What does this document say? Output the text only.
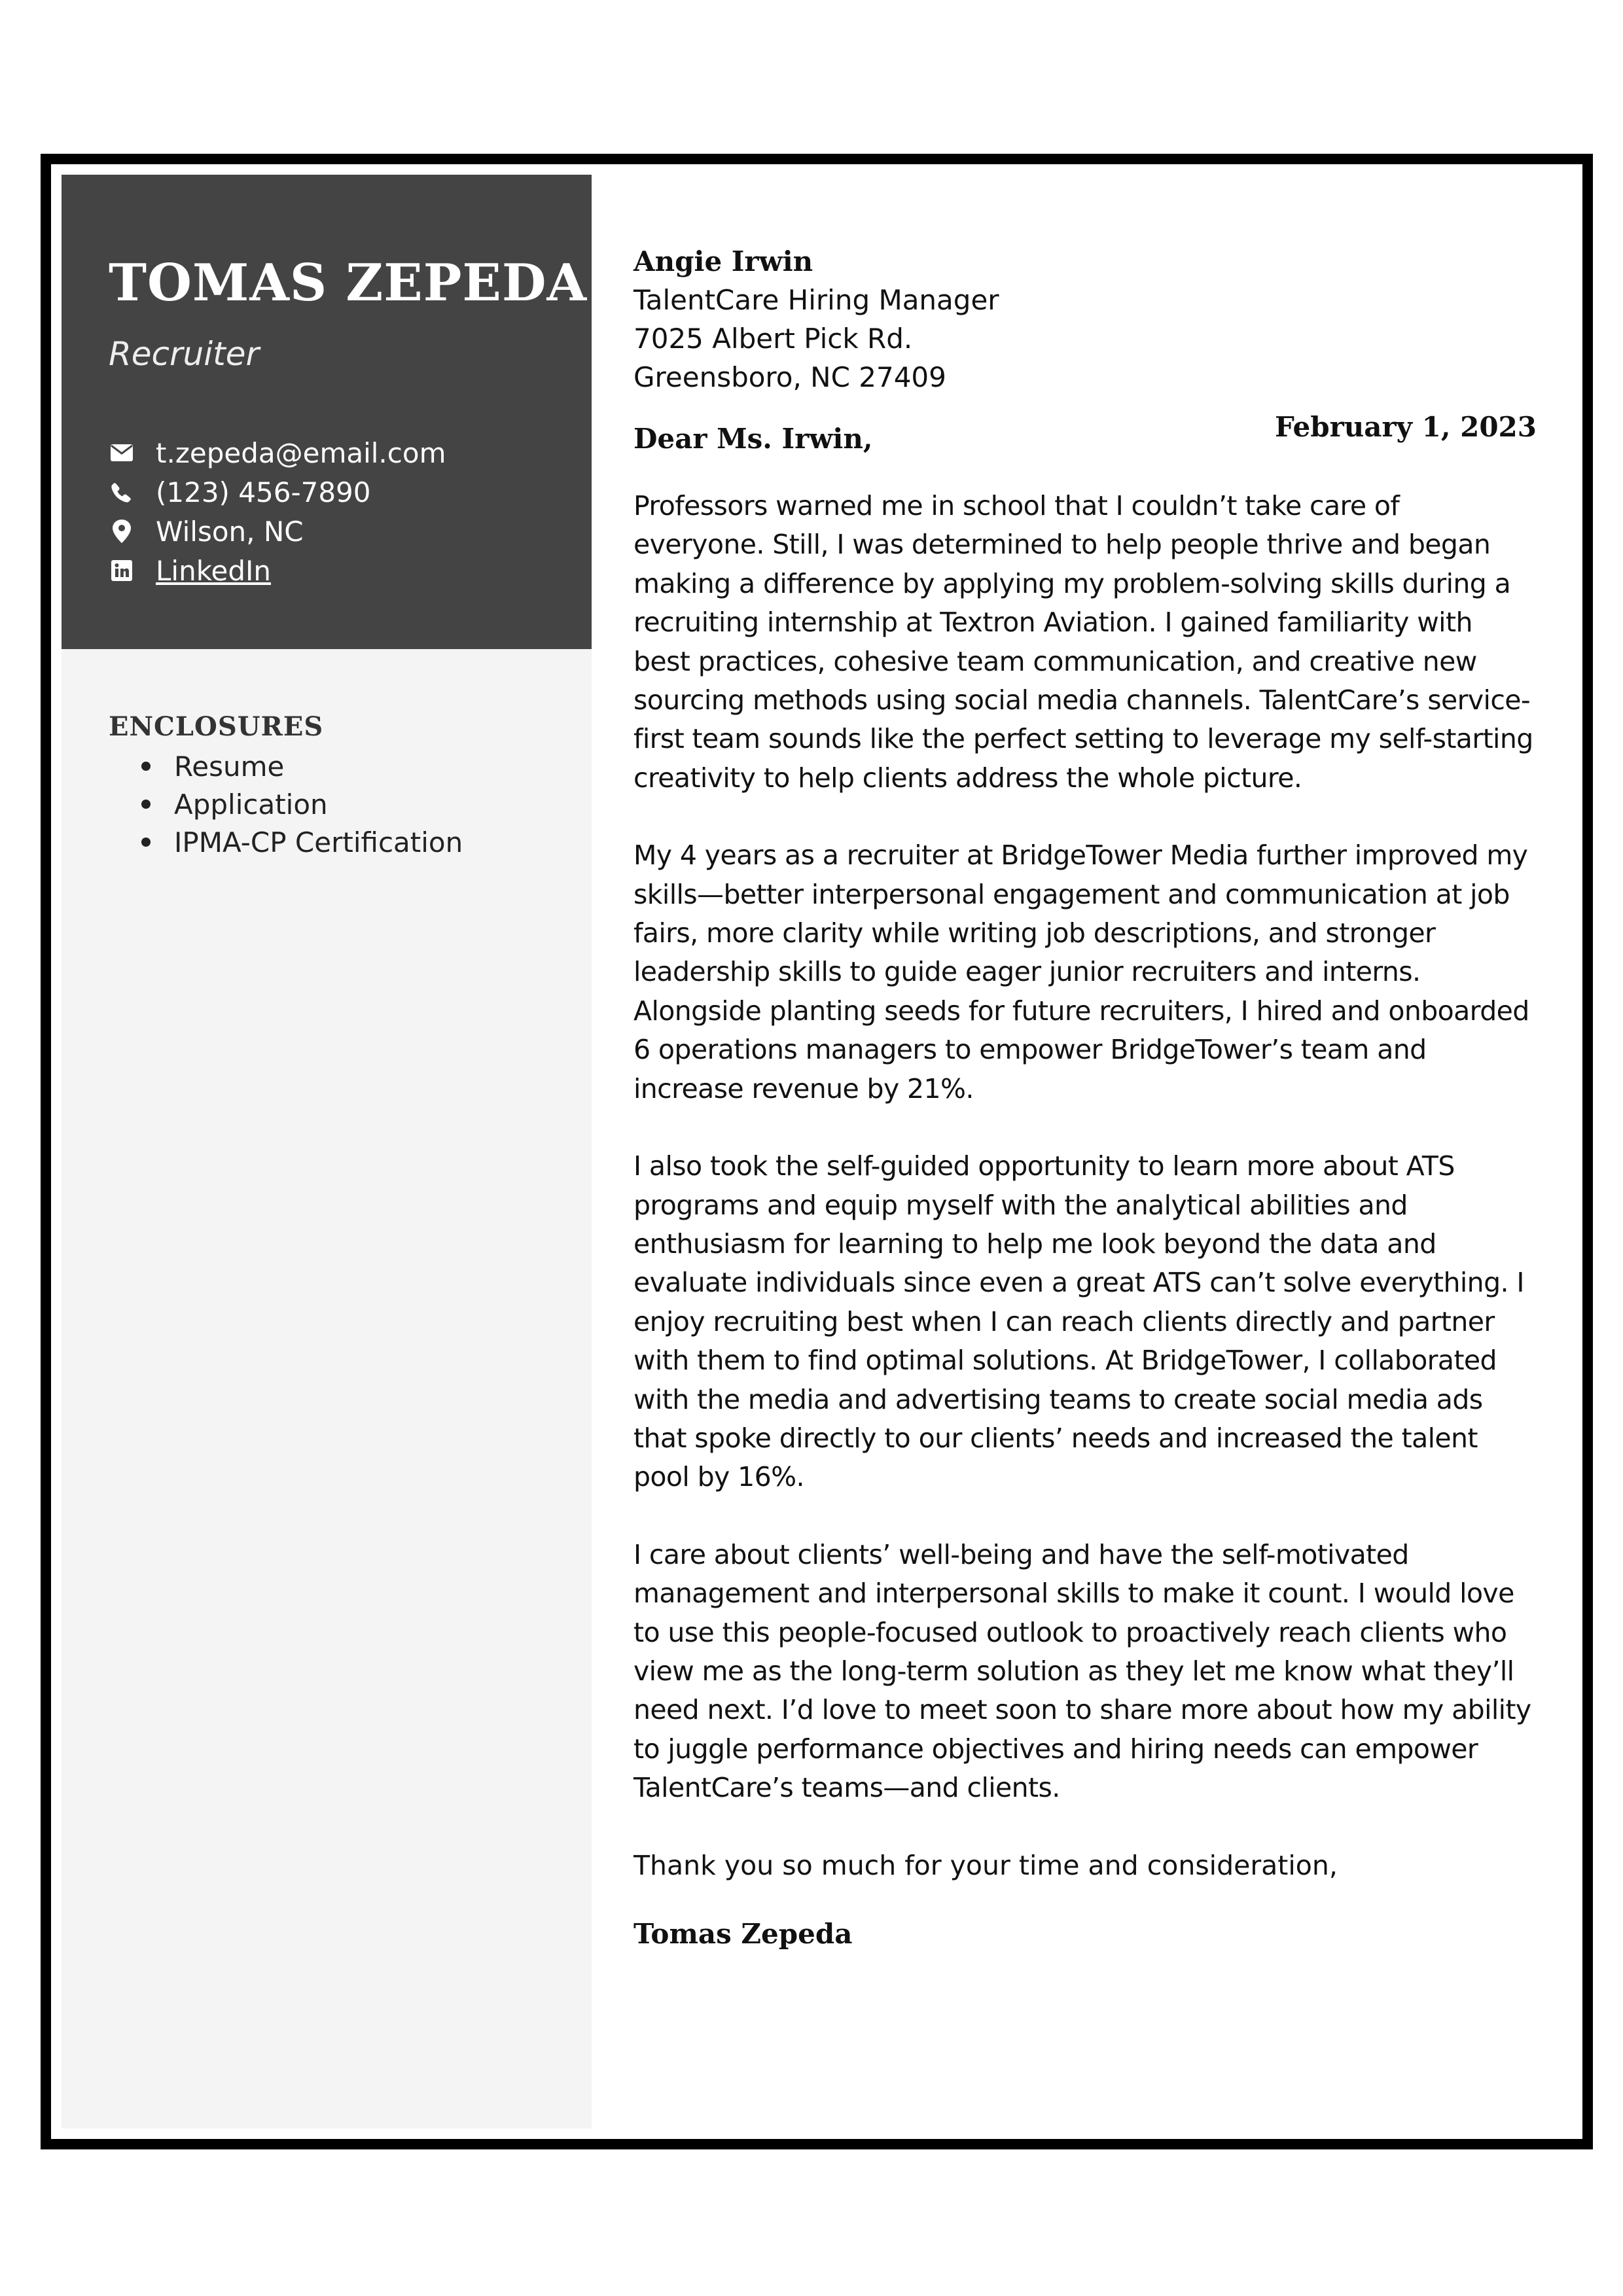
TOMAS ZEPEDA
Recruiter
t.zepeda@email.com
(123) 456-7890
Wilson, NC
LinkedIn
ENCLOSURES
Resume
Application
IPMA-CP Certification
Angie Irwin
TalentCare Hiring Manager
7025 Albert Pick Rd.
Greensboro, NC 27409
Dear Ms. Irwin,	February 1, 2023

Professors warned me in school that I couldn’t take care of everyone. Still, I was determined to help people thrive and began making a difference by applying my problem-solving skills during a recruiting internship at Textron Aviation. I gained familiarity with best practices, cohesive team communication, and creative new sourcing methods using social media channels. TalentCare’s service-first team sounds like the perfect setting to leverage my self-starting creativity to help clients address the whole picture.

My 4 years as a recruiter at BridgeTower Media further improved my skills—better interpersonal engagement and communication at job fairs, more clarity while writing job descriptions, and stronger leadership skills to guide eager junior recruiters and interns. Alongside planting seeds for future recruiters, I hired and onboarded 6 operations managers to empower BridgeTower’s team and increase revenue by 21%.

I also took the self-guided opportunity to learn more about ATS programs and equip myself with the analytical abilities and enthusiasm for learning to help me look beyond the data and evaluate individuals since even a great ATS can’t solve everything. I enjoy recruiting best when I can reach clients directly and partner with them to find optimal solutions. At BridgeTower, I collaborated with the media and advertising teams to create social media ads that spoke directly to our clients’ needs and increased the talent pool by 16%.

I care about clients’ well-being and have the self-motivated management and interpersonal skills to make it count. I would love to use this people-focused outlook to proactively reach clients who view me as the long-term solution as they let me know what they’ll need next. I’d love to meet soon to share more about how my ability to juggle performance objectives and hiring needs can empower TalentCare’s teams—and clients.

Thank you so much for your time and consideration,

Tomas Zepeda
